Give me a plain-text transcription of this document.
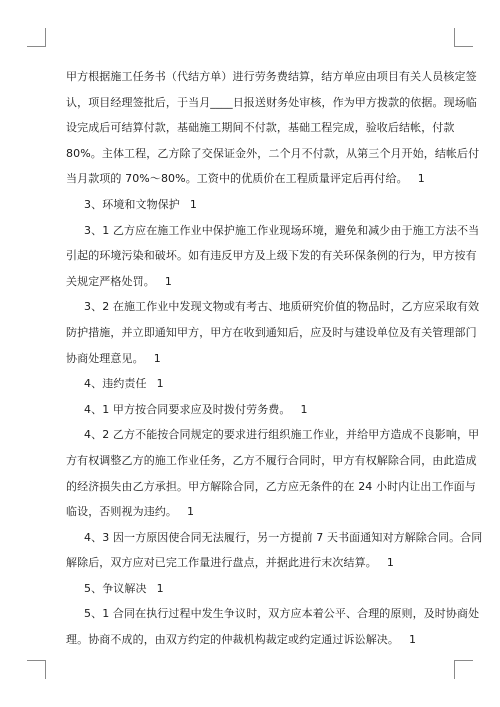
甲方根据施工任务书（代结方单）进行劳务费结算，结方单应由项目有关人员核定签
认，项目经理签批后，于当月____日报送财务处审核，作为甲方拨款的依据。现场临
设完成后可结算付款，基础施工期间不付款，基础工程完成，验收后结帐，付款
80%。主体工程，乙方除了交保证金外，二个月不付款，从第三个月开始，结帐后付
当月款项的 70%～80%。工资中的优质价在工程质量评定后再付给。 1
3、环境和文物保护 1
3、1 乙方应在施工作业中保护施工作业现场环境，避免和减少由于施工方法不当
引起的环境污染和破坏。如有违反甲方及上级下发的有关环保条例的行为，甲方按有
关规定严格处罚。 1
3、2 在施工作业中发现文物或有考古、地质研究价值的物品时，乙方应采取有效
防护措施，并立即通知甲方，甲方在收到通知后，应及时与建设单位及有关管理部门
协商处理意见。 1
4、违约责任 1
4、1 甲方按合同要求应及时拨付劳务费。 1
4、2 乙方不能按合同规定的要求进行组织施工作业，并给甲方造成不良影响，甲
方有权调整乙方的施工作业任务，乙方不履行合同时，甲方有权解除合同，由此造成
的经济损失由乙方承担。甲方解除合同，乙方应无条件的在 24 小时内让出工作面与
临设，否则视为违约。 1
4、3 因一方原因使合同无法履行，另一方提前 7 天书面通知对方解除合同。合同
解除后，双方应对已完工作量进行盘点，并据此进行末次结算。 1
5、争议解决 1
5、1 合同在执行过程中发生争议时，双方应本着公平、合理的原则，及时协商处
理。协商不成的，由双方约定的仲裁机构裁定或约定通过诉讼解决。 1
